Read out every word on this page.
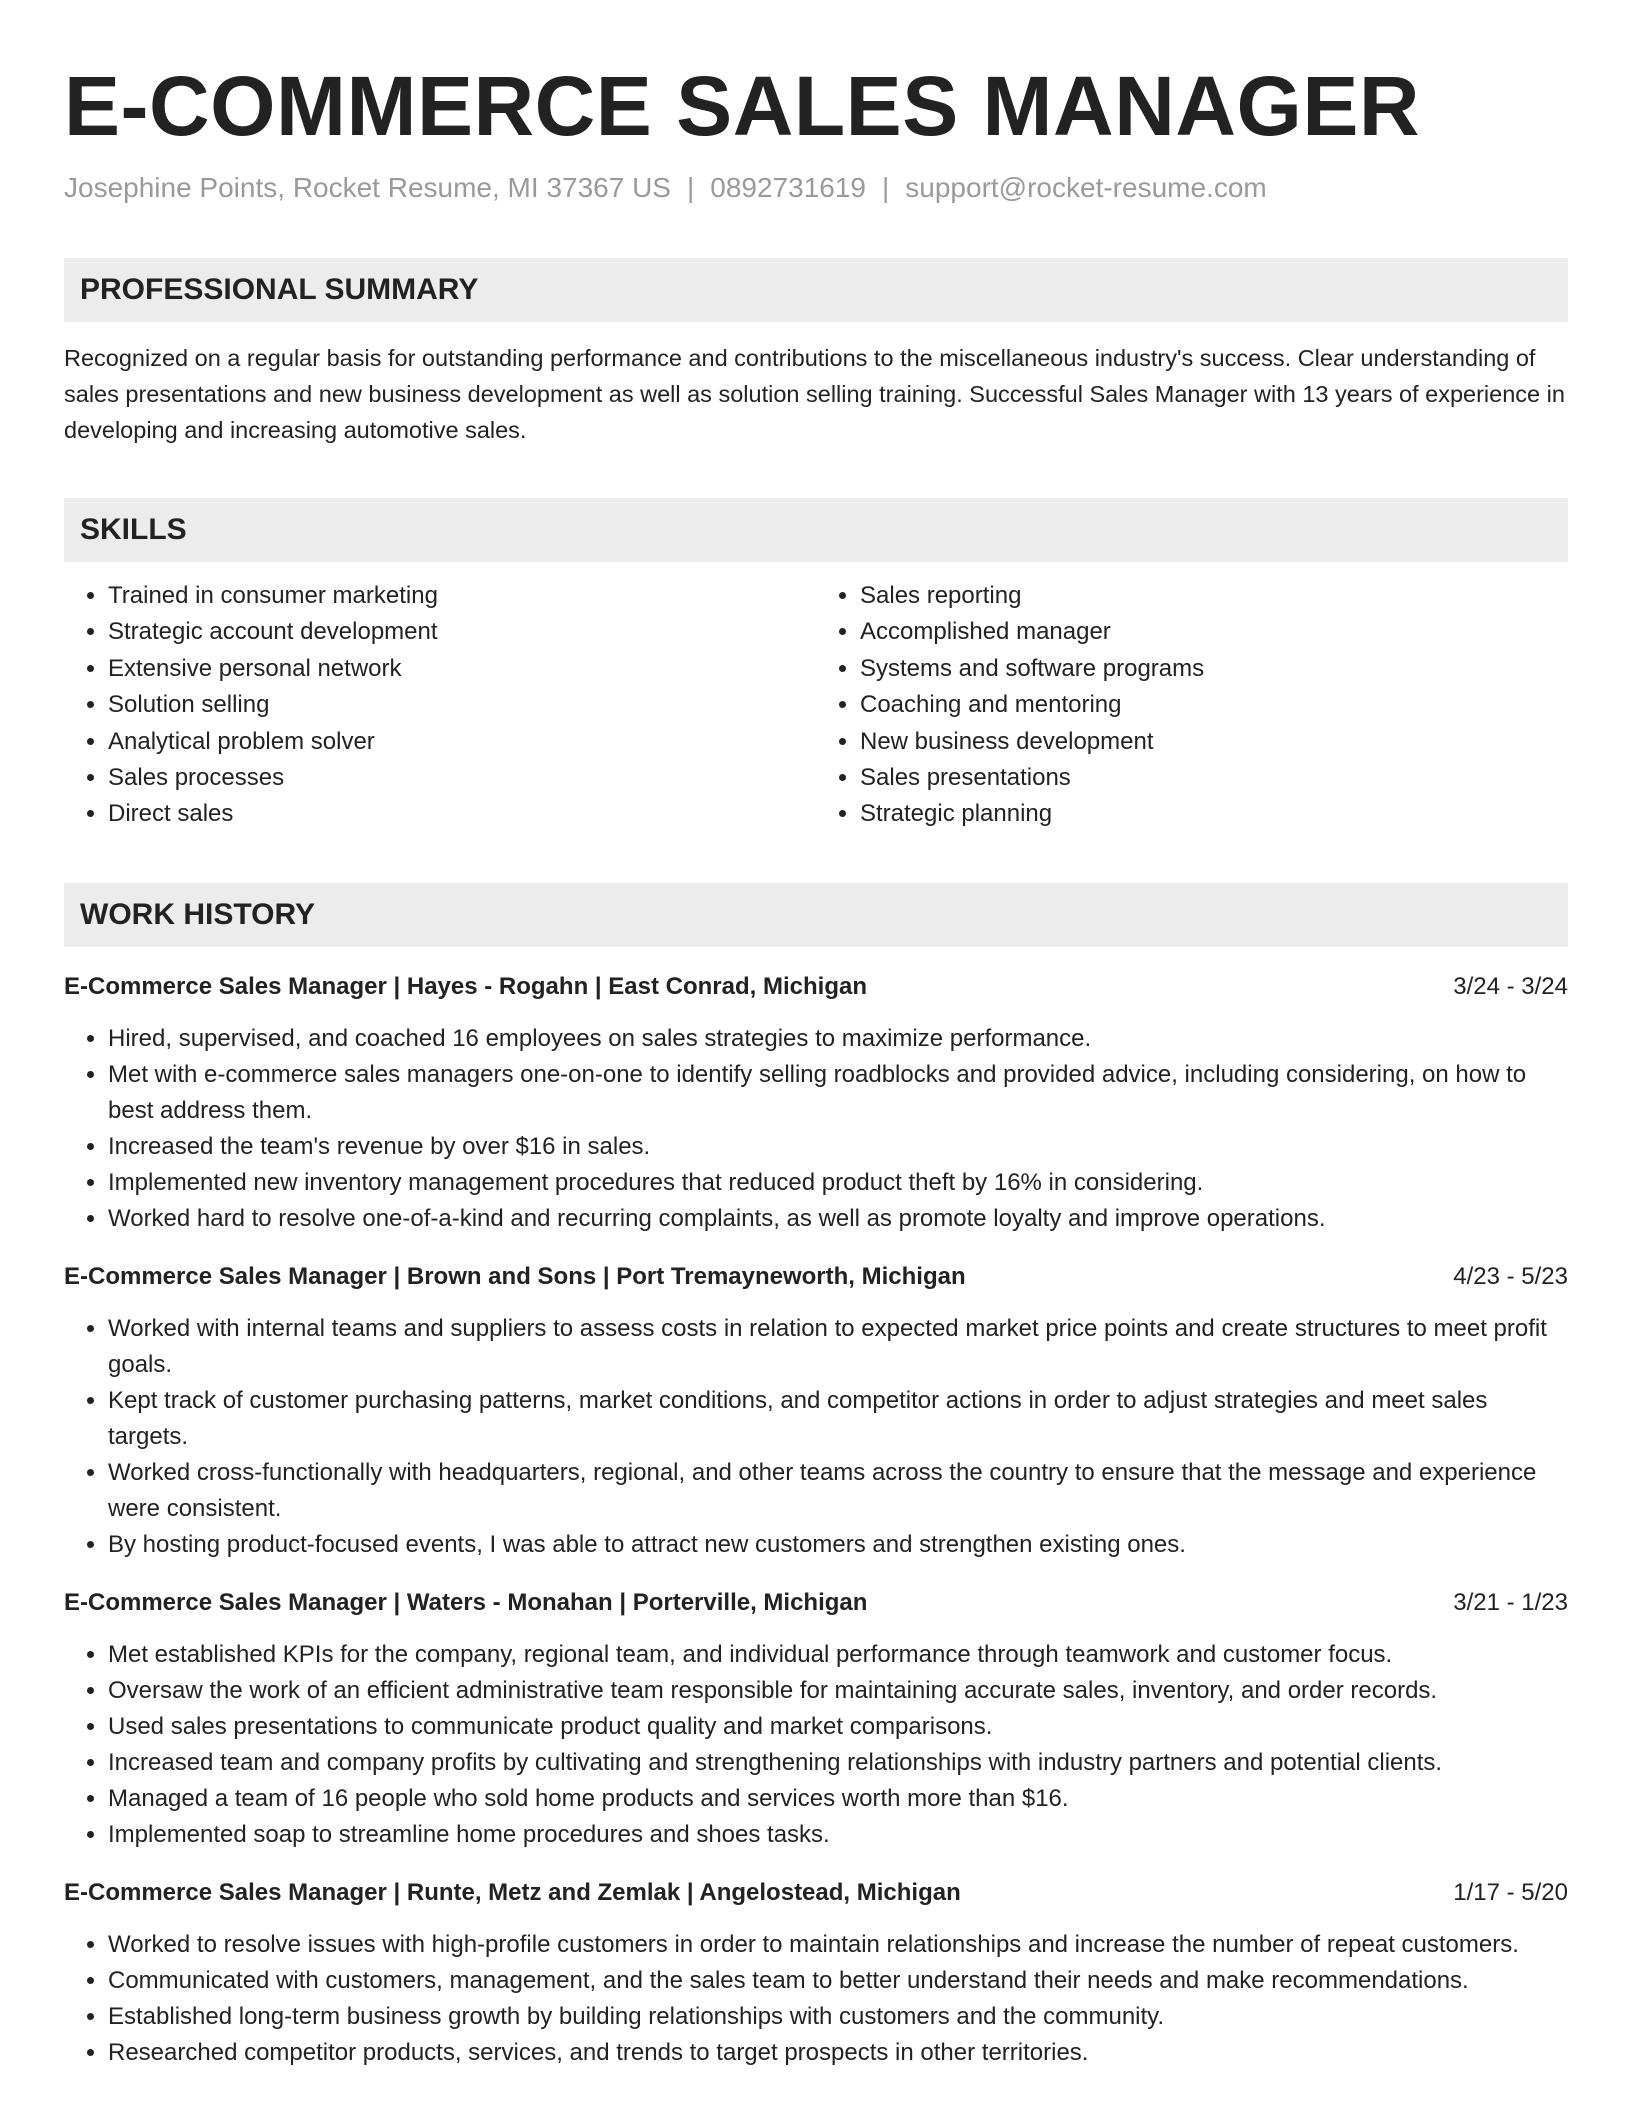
E-COMMERCE SALES MANAGER
Josephine Points, Rocket Resume, MI 37367 US | 0892731619 | support@rocket-resume.com
PROFESSIONAL SUMMARY
Recognized on a regular basis for outstanding performance and contributions to the miscellaneous industry's success. Clear understanding of sales presentations and new business development as well as solution selling training. Successful Sales Manager with 13 years of experience in developing and increasing automotive sales.
SKILLS
• Trained in consumer marketing
• Strategic account development
• Extensive personal network
• Solution selling
• Analytical problem solver
• Sales processes
• Direct sales
• Sales reporting
• Accomplished manager
• Systems and software programs
• Coaching and mentoring
• New business development
• Sales presentations
• Strategic planning
WORK HISTORY
E-Commerce Sales Manager | Hayes - Rogahn | East Conrad, Michigan	3/24 - 3/24
• Hired, supervised, and coached 16 employees on sales strategies to maximize performance.
• Met with e-commerce sales managers one-on-one to identify selling roadblocks and provided advice, including considering, on how to best address them.
• Increased the team's revenue by over $16 in sales.
• Implemented new inventory management procedures that reduced product theft by 16% in considering.
• Worked hard to resolve one-of-a-kind and recurring complaints, as well as promote loyalty and improve operations.
E-Commerce Sales Manager | Brown and Sons | Port Tremayneworth, Michigan	4/23 - 5/23
• Worked with internal teams and suppliers to assess costs in relation to expected market price points and create structures to meet profit goals.
• Kept track of customer purchasing patterns, market conditions, and competitor actions in order to adjust strategies and meet sales targets.
• Worked cross-functionally with headquarters, regional, and other teams across the country to ensure that the message and experience were consistent.
• By hosting product-focused events, I was able to attract new customers and strengthen existing ones.
E-Commerce Sales Manager | Waters - Monahan | Porterville, Michigan	3/21 - 1/23
• Met established KPIs for the company, regional team, and individual performance through teamwork and customer focus.
• Oversaw the work of an efficient administrative team responsible for maintaining accurate sales, inventory, and order records.
• Used sales presentations to communicate product quality and market comparisons.
• Increased team and company profits by cultivating and strengthening relationships with industry partners and potential clients.
• Managed a team of 16 people who sold home products and services worth more than $16.
• Implemented soap to streamline home procedures and shoes tasks.
E-Commerce Sales Manager | Runte, Metz and Zemlak | Angelostead, Michigan	1/17 - 5/20
• Worked to resolve issues with high-profile customers in order to maintain relationships and increase the number of repeat customers.
• Communicated with customers, management, and the sales team to better understand their needs and make recommendations.
• Established long-term business growth by building relationships with customers and the community.
• Researched competitor products, services, and trends to target prospects in other territories.
